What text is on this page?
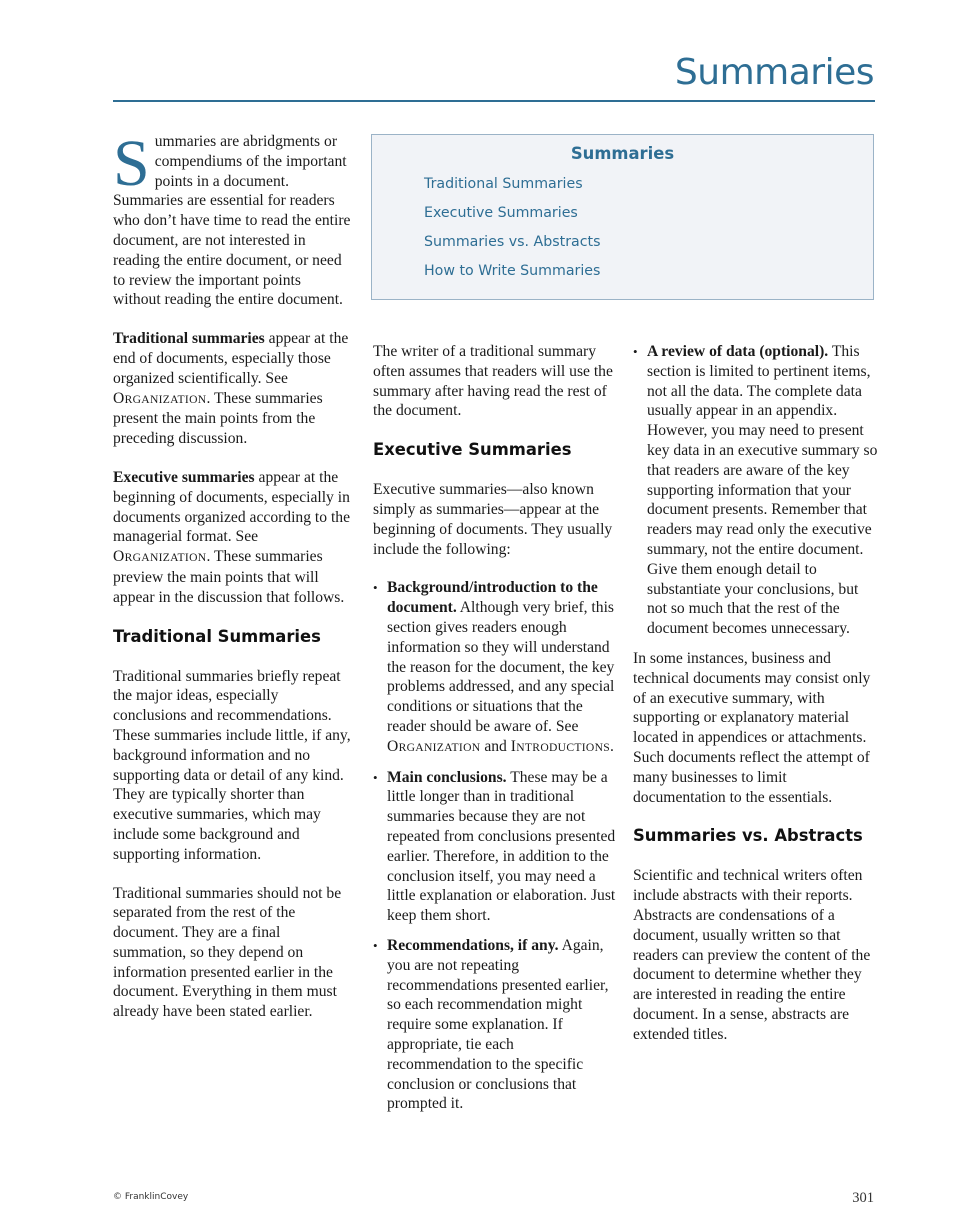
Summaries
Summaries
Traditional Summaries
Executive Summaries
Summaries vs. Abstracts
How to Write Summaries

Summaries are abridgments or compendiums of the important points in a document. Summaries are essential for readers who don’t have time to read the entire document, are not interested in reading the entire document, or need to review the important points without reading the entire document.

Traditional summaries appear at the end of documents, especially those organized scientifically. See ORGANIZATION. These summaries present the main points from the preceding discussion.

Executive summaries appear at the beginning of documents, especially in documents organized according to the managerial format. See ORGANIZATION. These summaries preview the main points that will appear in the discussion that follows.

Traditional Summaries

Traditional summaries briefly repeat the major ideas, especially conclusions and recommendations. These summaries include little, if any, background information and no supporting data or detail of any kind. They are typically shorter than executive summaries, which may include some background and supporting information.

Traditional summaries should not be separated from the rest of the document. They are a final summation, so they depend on information presented earlier in the document. Everything in them must already have been stated earlier.

The writer of a traditional summary often assumes that readers will use the summary after having read the rest of the document.

Executive Summaries

Executive summaries—also known simply as summaries—appear at the beginning of documents. They usually include the following:

• Background/introduction to the document. Although very brief, this section gives readers enough information so they will understand the reason for the document, the key problems addressed, and any special conditions or situations that the reader should be aware of. See ORGANIZATION and INTRODUCTIONS.
• Main conclusions. These may be a little longer than in traditional summaries because they are not repeated from conclusions presented earlier. Therefore, in addition to the conclusion itself, you may need a little explanation or elaboration. Just keep them short.
• Recommendations, if any. Again, you are not repeating recommendations presented earlier, so each recommendation might require some explanation. If appropriate, tie each recommendation to the specific conclusion or conclusions that prompted it.
• A review of data (optional). This section is limited to pertinent items, not all the data. The complete data usually appear in an appendix. However, you may need to present key data in an executive summary so that readers are aware of the key supporting information that your document presents. Remember that readers may read only the executive summary, not the entire document. Give them enough detail to substantiate your conclusions, but not so much that the rest of the document becomes unnecessary.

In some instances, business and technical documents may consist only of an executive summary, with supporting or explanatory material located in appendices or attachments. Such documents reflect the attempt of many businesses to limit documentation to the essentials.

Summaries vs. Abstracts

Scientific and technical writers often include abstracts with their reports. Abstracts are condensations of a document, usually written so that readers can preview the content of the document to determine whether they are interested in reading the entire document. In a sense, abstracts are extended titles.

© FranklinCovey	301
